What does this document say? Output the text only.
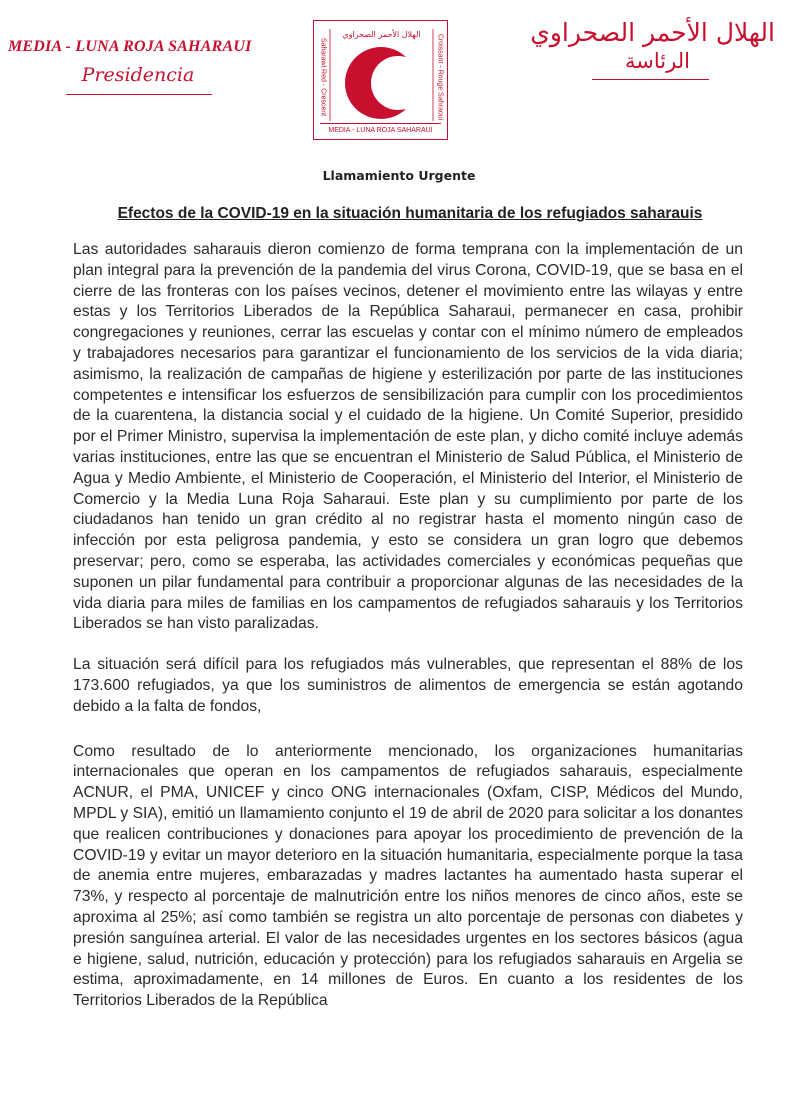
MEDIA - LUNA ROJA SAHARAUI
Presidencia
الهلال الأحمر الصحراوي
Saharawi Red - Crescent	Croissant - Rouge Sahraoui
MEDIA - LUNA ROJA SAHARAUI
الهلال الأحمر الصحراوي
الرئاسة
Llamamiento Urgente
Efectos de la COVID-19 en la situación humanitaria de los refugiados saharauis

Las autoridades saharauis dieron comienzo de forma temprana con la implementación de un plan integral para la prevención de la pandemia del virus Corona, COVID-19, que se basa en el cierre de las fronteras con los países vecinos, detener el movimiento entre las wilayas y entre estas y los Territorios Liberados de la República Saharaui, permanecer en casa, prohibir congregaciones y reuniones, cerrar las escuelas y contar con el mínimo número de empleados y trabajadores necesarios para garantizar el funcionamiento de los servicios de la vida diaria; asimismo, la realización de campañas de higiene y esterilización por parte de las instituciones competentes e intensificar los esfuerzos de sensibilización para cumplir con los procedimientos de la cuarentena, la distancia social y el cuidado de la higiene. Un Comité Superior, presidido por el Primer Ministro, supervisa la implementación de este plan, y dicho comité incluye además varias instituciones, entre las que se encuentran el Ministerio de Salud Pública, el Ministerio de Agua y Medio Ambiente, el Ministerio de Cooperación, el Ministerio del Interior, el Ministerio de Comercio y la Media Luna Roja Saharaui. Este plan y su cumplimiento por parte de los ciudadanos han tenido un gran crédito al no registrar hasta el momento ningún caso de infección por esta peligrosa pandemia, y esto se considera un gran logro que debemos preservar; pero, como se esperaba, las actividades comerciales y económicas pequeñas que suponen un pilar fundamental para contribuir a proporcionar algunas de las necesidades de la vida diaria para miles de familias en los campamentos de refugiados saharauis y los Territorios Liberados se han visto paralizadas.

La situación será difícil para los refugiados más vulnerables, que representan el 88% de los 173.600 refugiados, ya que los suministros de alimentos de emergencia se están agotando debido a la falta de fondos,

Como resultado de lo anteriormente mencionado, los organizaciones humanitarias internacionales que operan en los campamentos de refugiados saharauis, especialmente ACNUR, el PMA, UNICEF y cinco ONG internacionales (Oxfam, CISP, Médicos del Mundo, MPDL y SIA), emitió un llamamiento conjunto el 19 de abril de 2020 para solicitar a los donantes que realicen contribuciones y donaciones para apoyar los procedimiento de prevención de la COVID-19 y evitar un mayor deterioro en la situación humanitaria, especialmente porque la tasa de anemia entre mujeres, embarazadas y madres lactantes ha aumentado hasta superar el 73%, y respecto al porcentaje de malnutrición entre los niños menores de cinco años, este se aproxima al 25%; así como también se registra un alto porcentaje de personas con diabetes y presión sanguínea arterial. El valor de las necesidades urgentes en los sectores básicos (agua e higiene, salud, nutrición, educación y protección) para los refugiados saharauis en Argelia se estima, aproximadamente, en 14 millones de Euros. En cuanto a los residentes de los Territorios Liberados de la República
